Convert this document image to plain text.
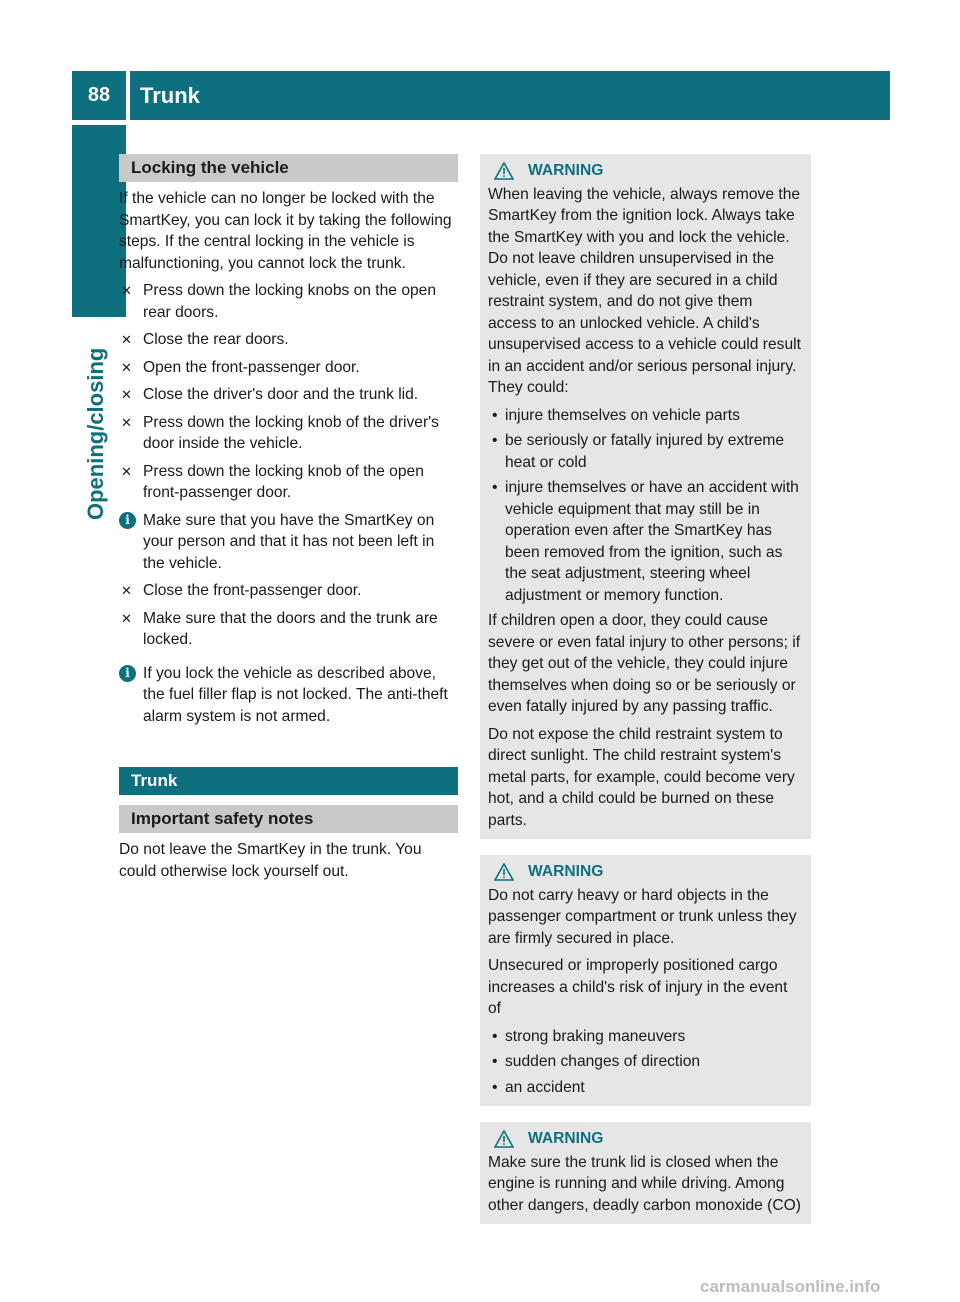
88	Trunk
Opening/closing
Locking the vehicle

If the vehicle can no longer be locked with the SmartKey, you can lock it by taking the following steps. If the central locking in the vehicle is malfunctioning, you cannot lock the trunk.

✕ Press down the locking knobs on the open rear doors.
✕ Close the rear doors.
✕ Open the front-passenger door.
✕ Close the driver's door and the trunk lid.
✕ Press down the locking knob of the driver's door inside the vehicle.
✕ Press down the locking knob of the open front-passenger door.
i Make sure that you have the SmartKey on your person and that it has not been left in the vehicle.
✕ Close the front-passenger door.
✕ Make sure that the doors and the trunk are locked.
i If you lock the vehicle as described above, the fuel filler flap is not locked. The anti-theft alarm system is not armed.
Trunk
Important safety notes

Do not leave the SmartKey in the trunk. You could otherwise lock yourself out.

WARNING

When leaving the vehicle, always remove the SmartKey from the ignition lock. Always take the SmartKey with you and lock the vehicle. Do not leave children unsupervised in the vehicle, even if they are secured in a child restraint system, and do not give them access to an unlocked vehicle. A child's unsupervised access to a vehicle could result in an accident and/or serious personal injury. They could:

• injure themselves on vehicle parts
• be seriously or fatally injured by extreme heat or cold
• injure themselves or have an accident with vehicle equipment that may still be in operation even after the SmartKey has been removed from the ignition, such as the seat adjustment, steering wheel adjustment or memory function.

If children open a door, they could cause severe or even fatal injury to other persons; if they get out of the vehicle, they could injure themselves when doing so or be seriously or even fatally injured by any passing traffic.

Do not expose the child restraint system to direct sunlight. The child restraint system's metal parts, for example, could become very hot, and a child could be burned on these parts.

WARNING

Do not carry heavy or hard objects in the passenger compartment or trunk unless they are firmly secured in place.

Unsecured or improperly positioned cargo increases a child's risk of injury in the event of

• strong braking maneuvers
• sudden changes of direction
• an accident
WARNING

Make sure the trunk lid is closed when the engine is running and while driving. Among other dangers, deadly carbon monoxide (CO)

carmanualsonline.info
